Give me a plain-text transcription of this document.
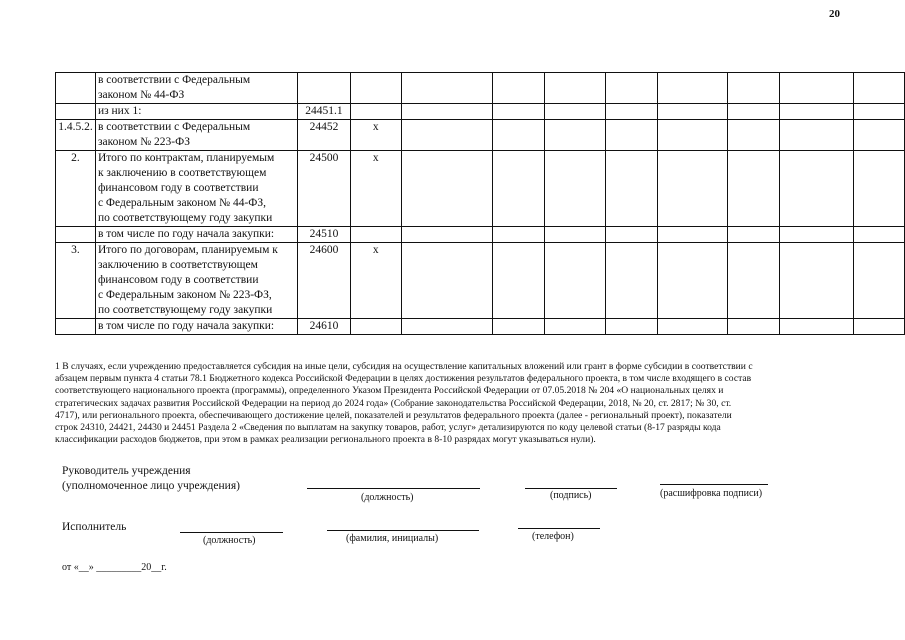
20

	в соответствии с Федеральным
законом № 44-ФЗ										

	из них 1:	24451.1									
1.4.5.2.	в соответствии с Федеральным
законом № 223-ФЗ	24452	x								
2.	Итого по контрактам, планируемым
к заключению в соответствующем
финансовом году в соответствии
с Федеральным законом № 44-ФЗ,
по соответствующему году закупки	24500	x								

	в том числе по году начала закупки:	24510									
3.	Итого по договорам, планируемым к
заключению в соответствующем
финансовом году в соответствии
с Федеральным законом № 223-ФЗ,
по соответствующему году закупки	24600	x								

	в том числе по году начала закупки:	24610									
1 В случаях, если учреждению предоставляется субсидия на иные цели, субсидия на осуществление капитальных вложений или грант в форме субсидии в соответствии с
абзацем первым пункта 4 статьи 78.1 Бюджетного кодекса Российской Федерации в целях достижения результатов федерального проекта, в том числе входящего в состав
соответствующего национального проекта (программы), определенного Указом Президента Российской Федерации от 07.05.2018 № 204 «О национальных целях и
стратегических задачах развития Российской Федерации на период до 2024 года» (Собрание законодательства Российской Федерации, 2018, № 20, ст. 2817; № 30, ст.
4717), или регионального проекта, обеспечивающего достижение целей, показателей и результатов федерального проекта (далее - региональный проект), показатели
строк 24310, 24421, 24430 и 24451 Раздела 2 «Сведения по выплатам на закупку товаров, работ, услуг» детализируются по коду целевой статьи (8-17 разряды кода
классификации расходов бюджетов, при этом в рамках реализации регионального проекта в 8-10 разрядах могут указываться нули).
Руководитель учреждения
(уполномоченное лицо учреждения)
(должность)	(подпись)	(расшифровка подписи)
Исполнитель
(должность)	(фамилия, инициалы)	(телефон)
от «__» _________20__г.
